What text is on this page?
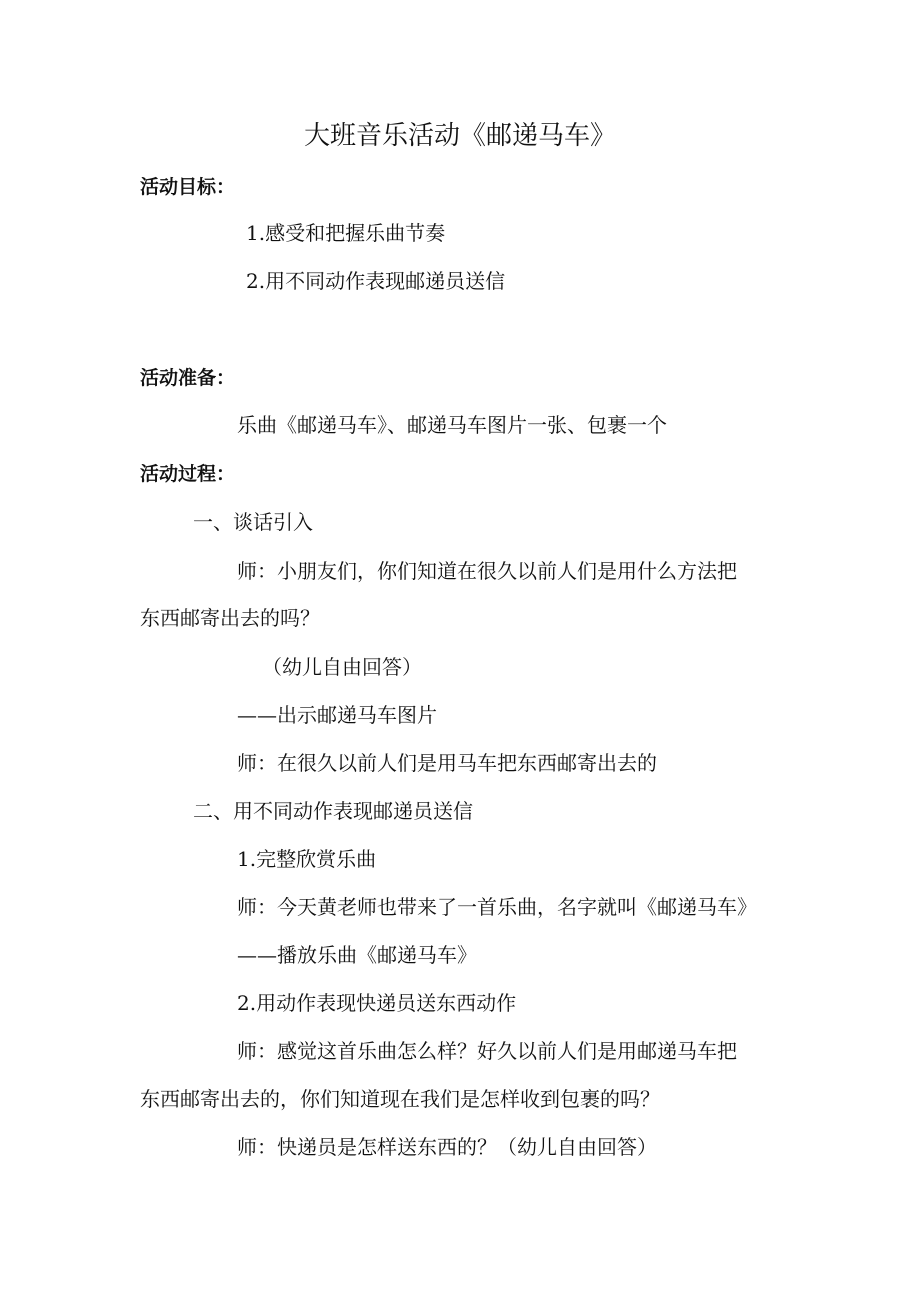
大班音乐活动《邮递马车》
活动目标：
1.感受和把握乐曲节奏
2.用不同动作表现邮递员送信
活动准备：
乐曲《邮递马车》、邮递马车图片一张、包裹一个
活动过程：
一、谈话引入
师：小朋友们，你们知道在很久以前人们是用什么方法把
东西邮寄出去的吗？
（幼儿自由回答）
——出示邮递马车图片
师：在很久以前人们是用马车把东西邮寄出去的
二、用不同动作表现邮递员送信
1.完整欣赏乐曲
师：今天黄老师也带来了一首乐曲，名字就叫《邮递马车》
——播放乐曲《邮递马车》
2.用动作表现快递员送东西动作
师：感觉这首乐曲怎么样？好久以前人们是用邮递马车把
东西邮寄出去的，你们知道现在我们是怎样收到包裹的吗？
师：快递员是怎样送东西的？（幼儿自由回答）
